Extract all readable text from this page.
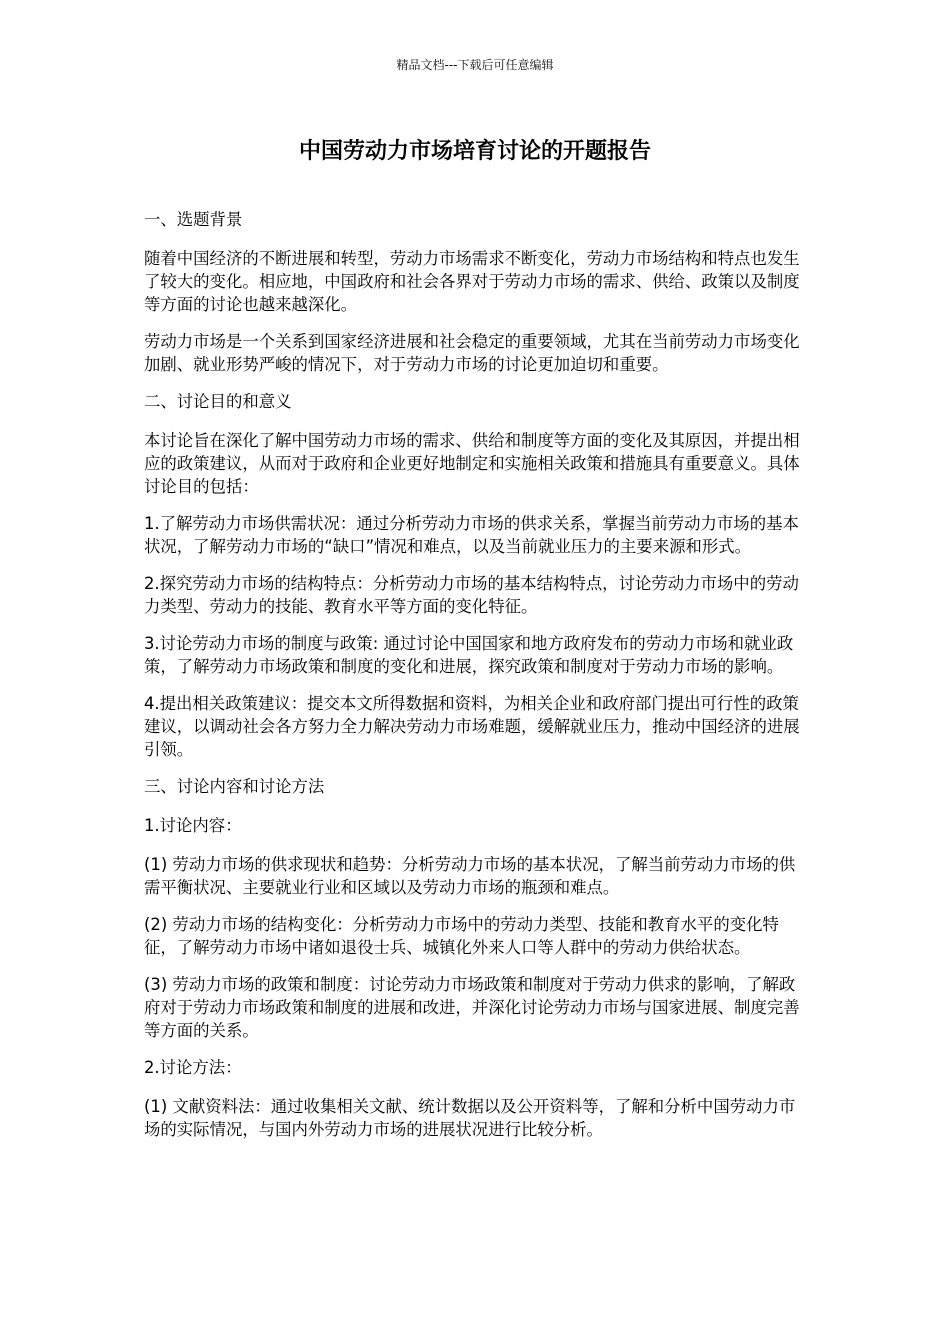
精品文档---下载后可任意编辑
中国劳动力市场培育讨论的开题报告

一、选题背景

随着中国经济的不断进展和转型，劳动力市场需求不断变化，劳动力市场结构和特点也发生了较大的变化。相应地，中国政府和社会各界对于劳动力市场的需求、供给、政策以及制度等方面的讨论也越来越深化。

劳动力市场是一个关系到国家经济进展和社会稳定的重要领域，尤其在当前劳动力市场变化加剧、就业形势严峻的情况下，对于劳动力市场的讨论更加迫切和重要。

二、讨论目的和意义

本讨论旨在深化了解中国劳动力市场的需求、供给和制度等方面的变化及其原因，并提出相应的政策建议，从而对于政府和企业更好地制定和实施相关政策和措施具有重要意义。具体讨论目的包括：

1.了解劳动力市场供需状况：通过分析劳动力市场的供求关系，掌握当前劳动力市场的基本状况，了解劳动力市场的“缺口”情况和难点，以及当前就业压力的主要来源和形式。

2.探究劳动力市场的结构特点：分析劳动力市场的基本结构特点，讨论劳动力市场中的劳动力类型、劳动力的技能、教育水平等方面的变化特征。

3.讨论劳动力市场的制度与政策: 通过讨论中国国家和地方政府发布的劳动力市场和就业政策，了解劳动力市场政策和制度的变化和进展，探究政策和制度对于劳动力市场的影响。

4.提出相关政策建议：提交本文所得数据和资料，为相关企业和政府部门提出可行性的政策建议，以调动社会各方努力全力解决劳动力市场难题，缓解就业压力，推动中国经济的进展引领。

三、讨论内容和讨论方法

1.讨论内容：

(1) 劳动力市场的供求现状和趋势：分析劳动力市场的基本状况，了解当前劳动力市场的供需平衡状况、主要就业行业和区域以及劳动力市场的瓶颈和难点。

(2) 劳动力市场的结构变化：分析劳动力市场中的劳动力类型、技能和教育水平的变化特征，了解劳动力市场中诸如退役士兵、城镇化外来人口等人群中的劳动力供给状态。

(3) 劳动力市场的政策和制度：讨论劳动力市场政策和制度对于劳动力供求的影响，了解政府对于劳动力市场政策和制度的进展和改进，并深化讨论劳动力市场与国家进展、制度完善等方面的关系。

2.讨论方法：

(1) 文献资料法：通过收集相关文献、统计数据以及公开资料等，了解和分析中国劳动力市场的实际情况，与国内外劳动力市场的进展状况进行比较分析。
